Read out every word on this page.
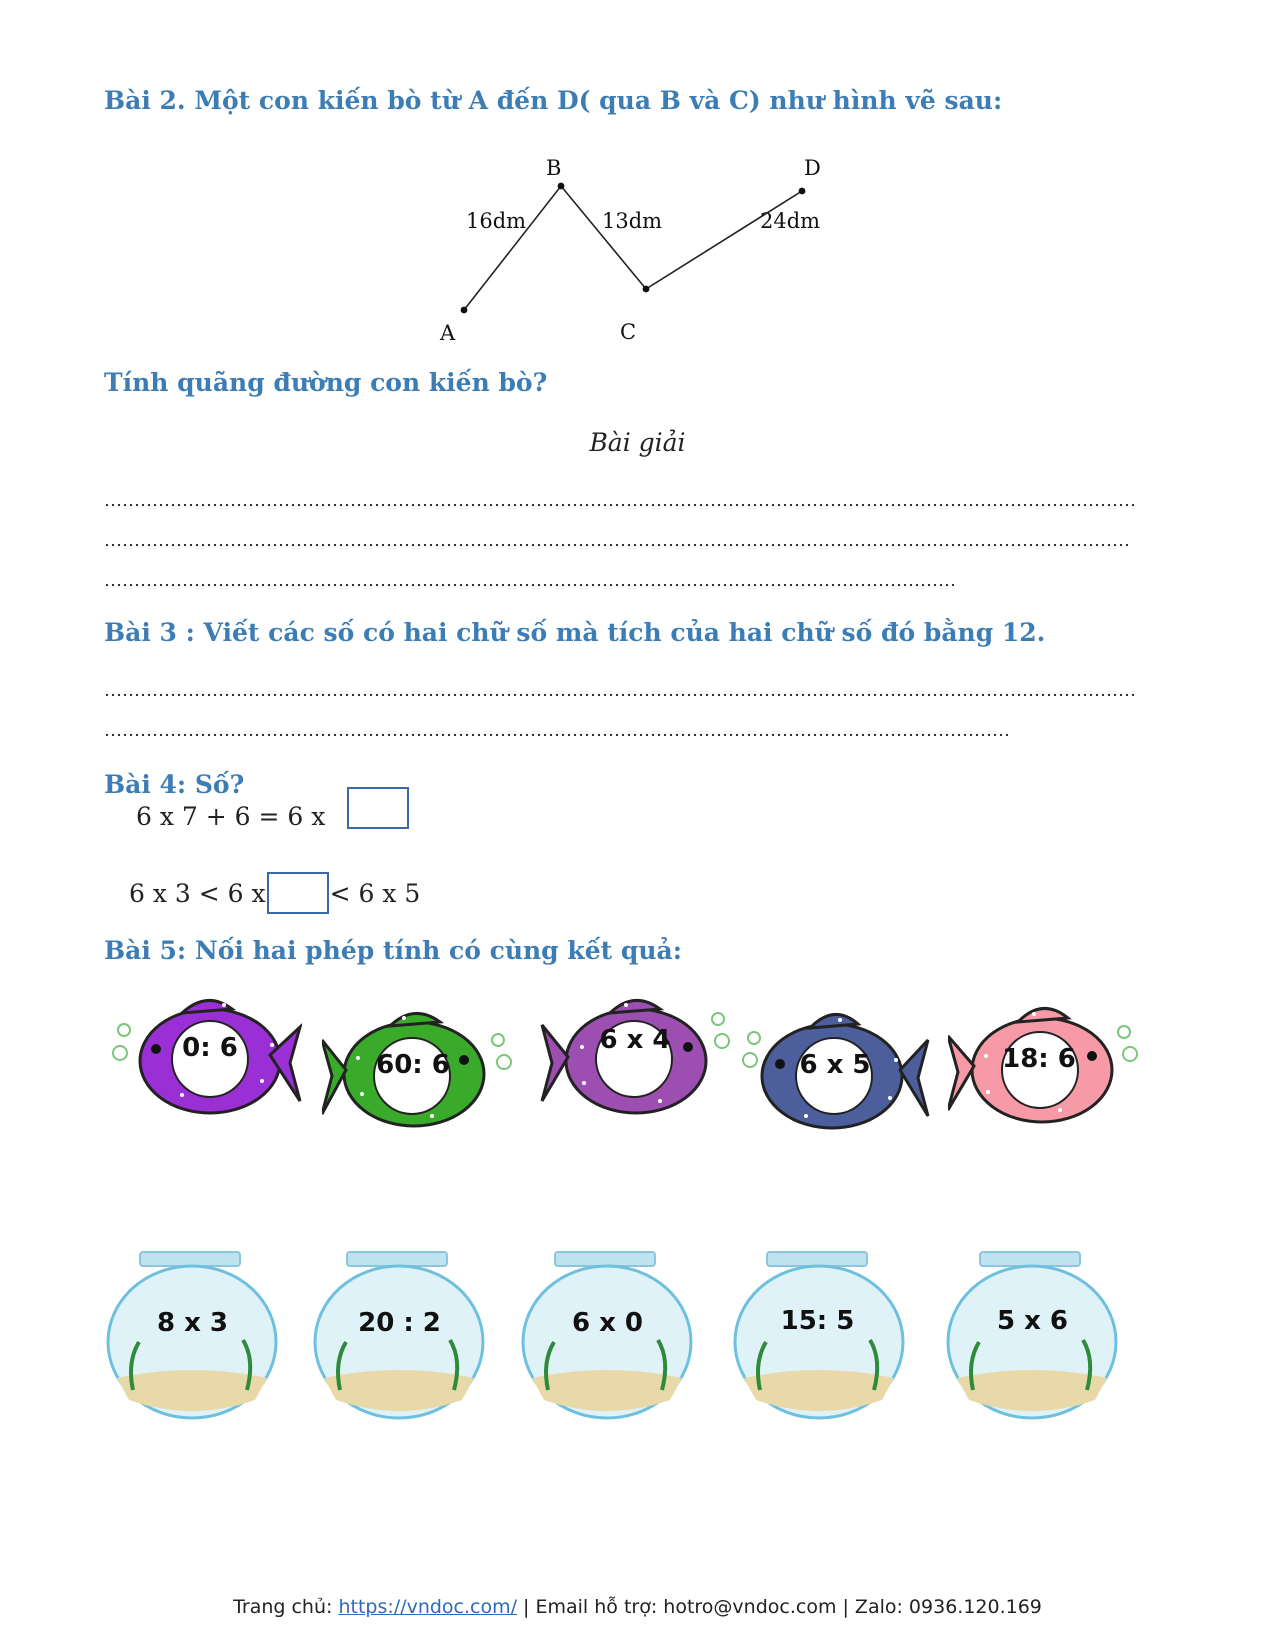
Bài 2. Một con kiến bò từ A đến D( qua B và C) như hình vẽ sau:
A
B
C
D
16dm	13dm	24dm
Tính quãng đường con kiến bò?
Bài giải
Bài 3 : Viết các số có hai chữ số mà tích của hai chữ số đó bằng 12.
Bài 4: Số?
6 x 7 + 6 = 6 x
6 x 3 < 6 x	< 6 x 5
Bài 5: Nối hai phép tính có cùng kết quả:
0: 6
60: 6
6 x 4
6 x 5	18: 6
8 x 3	20 : 2	6 x 0	15: 5	5 x 6
Trang chủ: https://vndoc.com/ | Email hỗ trợ: hotro@vndoc.com | Zalo: 0936.120.169
